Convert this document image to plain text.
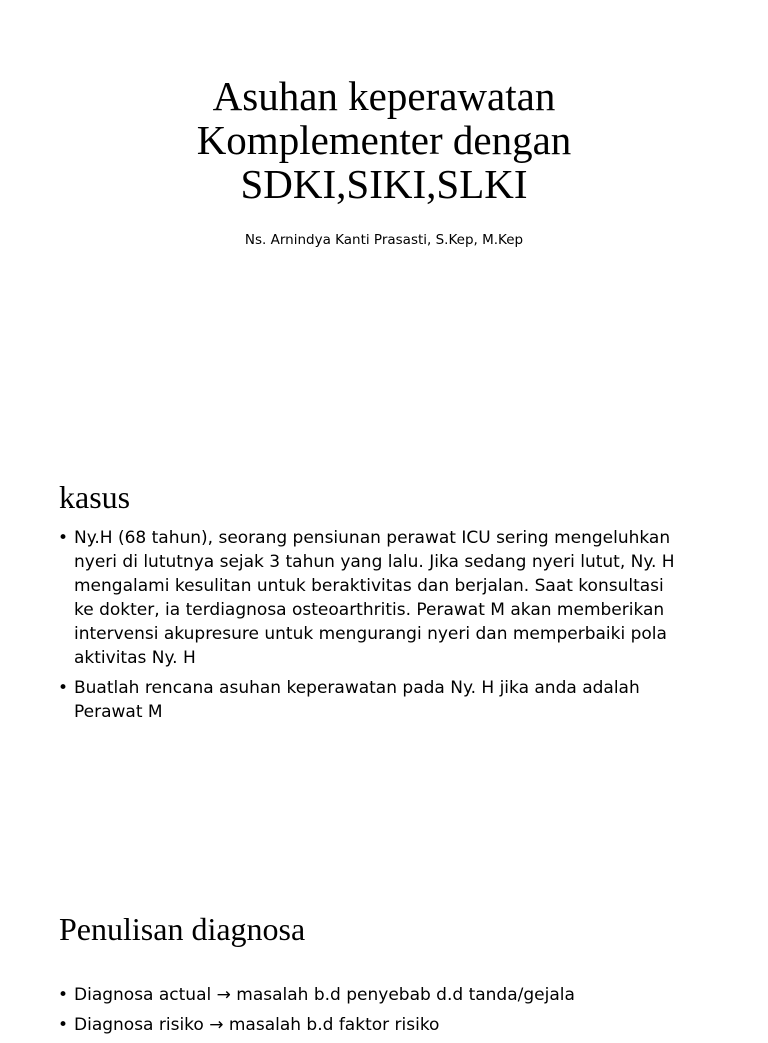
Asuhan keperawatan
Komplementer dengan
SDKI,SIKI,SLKI
Ns. Arnindya Kanti Prasasti, S.Kep, M.Kep
kasus
• Ny.H (68 tahun), seorang pensiunan perawat ICU sering mengeluhkan
nyeri di lututnya sejak 3 tahun yang lalu. Jika sedang nyeri lutut, Ny. H
mengalami kesulitan untuk beraktivitas dan berjalan. Saat konsultasi
ke dokter, ia terdiagnosa osteoarthritis. Perawat M akan memberikan
intervensi akupresure untuk mengurangi nyeri dan memperbaiki pola
aktivitas Ny. H
• Buatlah rencana asuhan keperawatan pada Ny. H jika anda adalah
Perawat M
Penulisan diagnosa
• Diagnosa actual → masalah b.d penyebab d.d tanda/gejala
• Diagnosa risiko → masalah b.d faktor risiko
